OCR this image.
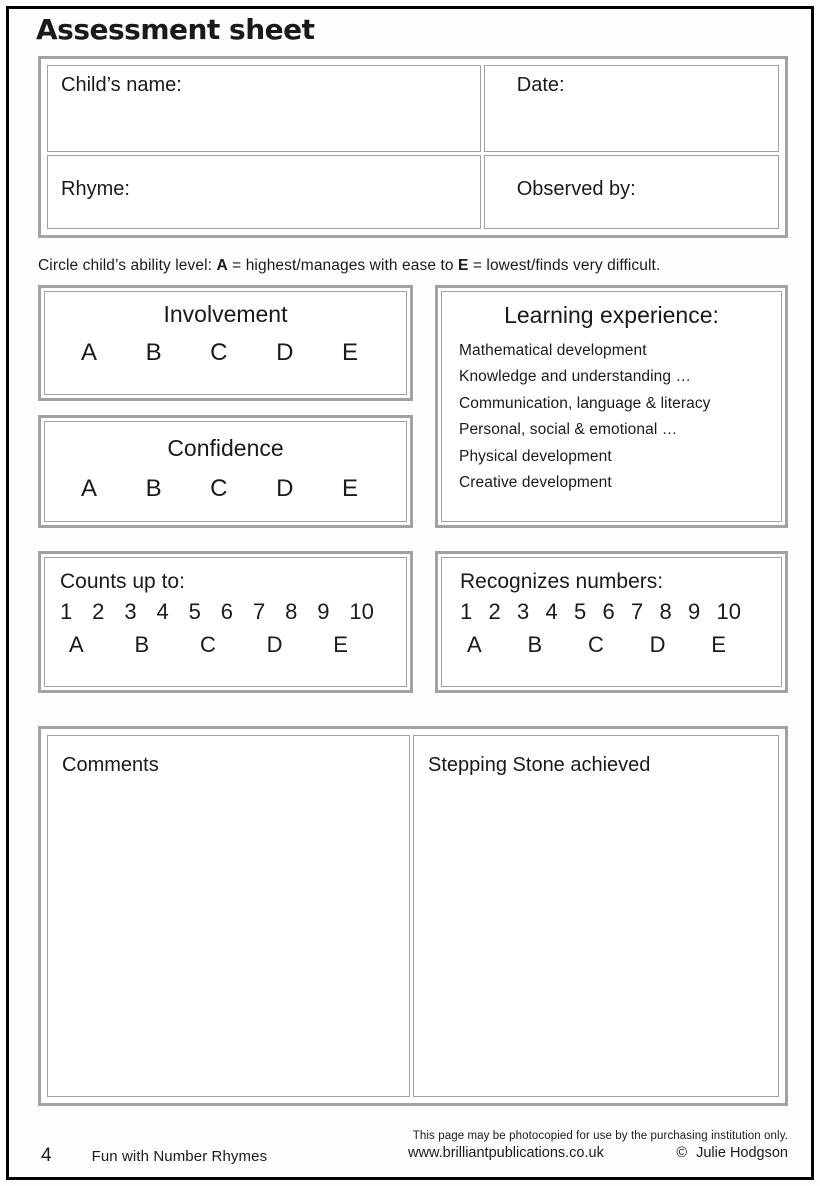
Assessment sheet
Child’s name:	Date:
Rhyme:	Observed by:

Circle child’s ability level: A = highest/manages with ease to E = lowest/finds very difficult.

Involvement
A B C D E
Confidence
A B C D E
Learning experience:
Mathematical development
Knowledge and understanding …
Communication, language & literacy
Personal, social & emotional …
Physical development
Creative development
Counts up to:
1 2 3 4 5 6 7 8 9 10
A B C D E
Recognizes numbers:
1 2 3 4 5 6 7 8 9 10
A B C D E
Comments	Stepping Stone achieved
4	Fun with Number Rhymes
This page may be photocopied for use by the purchasing institution only.
www.brilliantpublications.co.uk	© Julie Hodgson
